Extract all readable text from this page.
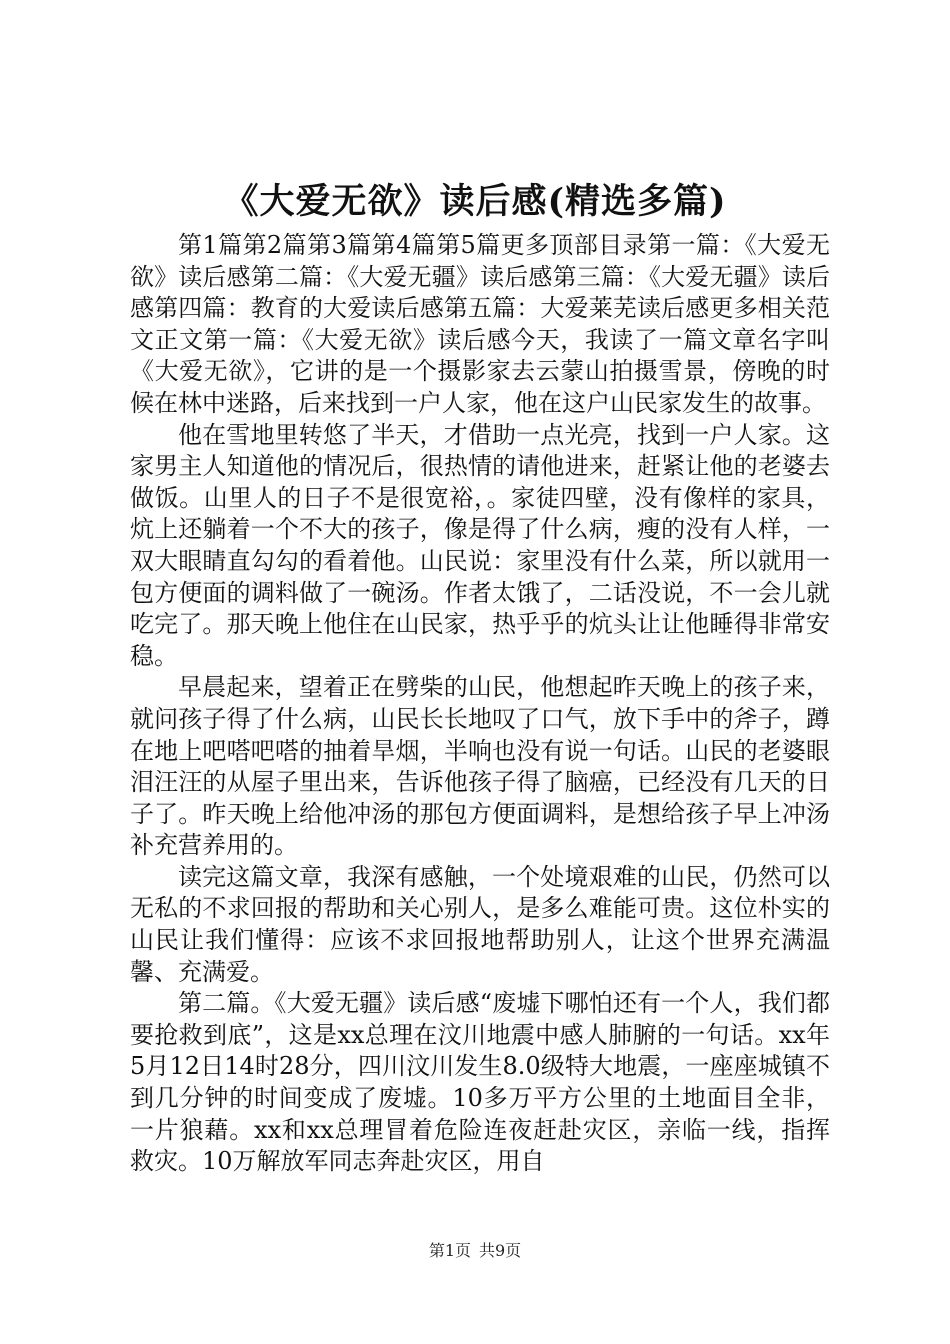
《大爱无欲》读后感(精选多篇)

第1篇第2篇第3篇第4篇第5篇更多顶部目录第一篇：《大爱无欲》读后感第二篇：《大爱无疆》读后感第三篇：《大爱无疆》读后感第四篇：教育的大爱读后感第五篇：大爱莱芜读后感更多相关范文正文第一篇：《大爱无欲》读后感今天，我读了一篇文章名字叫《大爱无欲》，它讲的是一个摄影家去云蒙山拍摄雪景，傍晚的时候在林中迷路，后来找到一户人家，他在这户山民家发生的故事。

他在雪地里转悠了半天，才借助一点光亮，找到一户人家。这家男主人知道他的情况后，很热情的请他进来，赶紧让他的老婆去做饭。山里人的日子不是很宽裕，。家徒四壁，没有像样的家具，炕上还躺着一个不大的孩子，像是得了什么病，瘦的没有人样，一双大眼睛直勾勾的看着他。山民说：家里没有什么菜，所以就用一包方便面的调料做了一碗汤。作者太饿了，二话没说，不一会儿就吃完了。那天晚上他住在山民家，热乎乎的炕头让让他睡得非常安稳。

早晨起来，望着正在劈柴的山民，他想起昨天晚上的孩子来，就问孩子得了什么病，山民长长地叹了口气，放下手中的斧子，蹲在地上吧嗒吧嗒的抽着旱烟，半响也没有说一句话。山民的老婆眼泪汪汪的从屋子里出来，告诉他孩子得了脑癌，已经没有几天的日子了。昨天晚上给他冲汤的那包方便面调料，是想给孩子早上冲汤补充营养用的。

读完这篇文章，我深有感触，一个处境艰难的山民，仍然可以无私的不求回报的帮助和关心别人，是多么难能可贵。这位朴实的山民让我们懂得：应该不求回报地帮助别人，让这个世界充满温馨、充满爱。

第二篇。《大爱无疆》读后感“废墟下哪怕还有一个人，我们都要抢救到底”，这是xx总理在汶川地震中感人肺腑的一句话。xx年5月12日14时28分，四川汶川发生8.0级特大地震，一座座城镇不到几分钟的时间变成了废墟。10多万平方公里的土地面目全非，一片狼藉。xx和xx总理冒着危险连夜赶赴灾区，亲临一线，指挥救灾。10万解放军同志奔赴灾区，用自

第1页 共9页
